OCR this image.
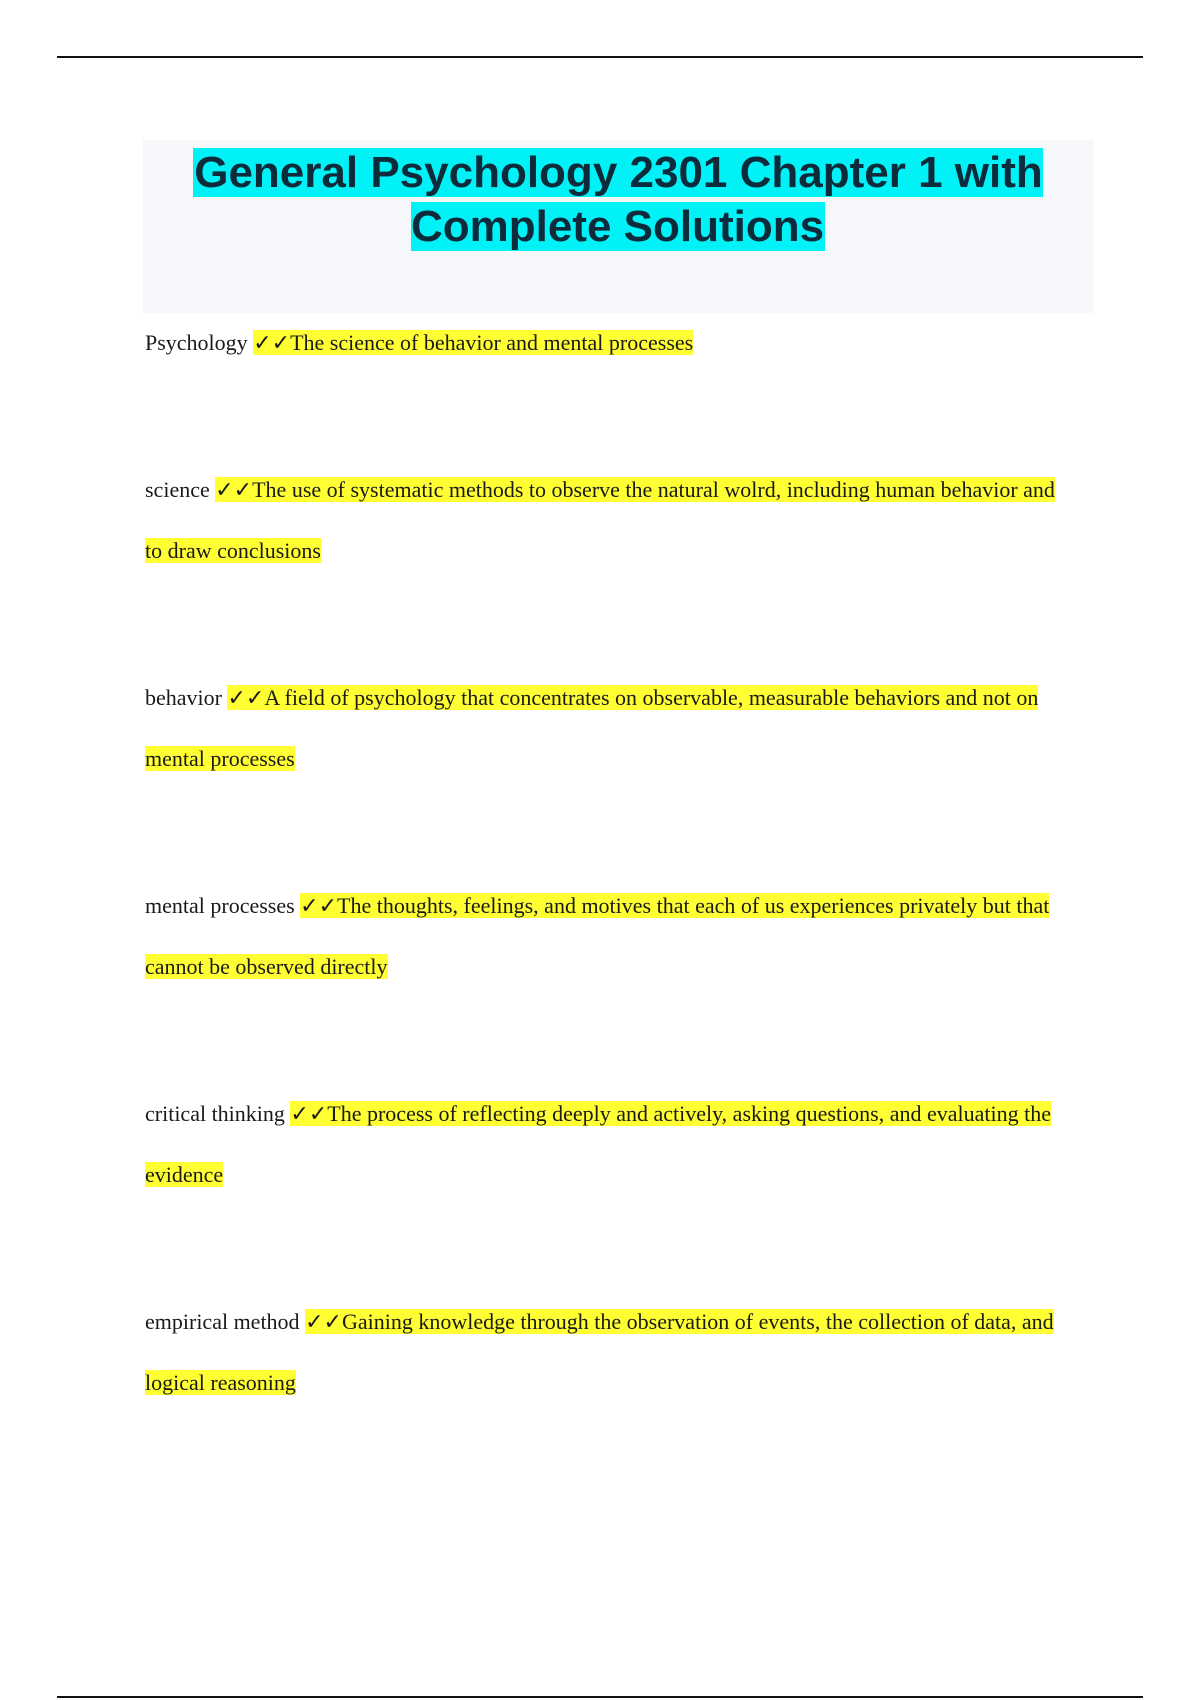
General Psychology 2301 Chapter 1 with Complete Solutions

Psychology ✓✓The science of behavior and mental processes

science ✓✓The use of systematic methods to observe the natural wolrd, including human behavior and to draw conclusions

behavior ✓✓A field of psychology that concentrates on observable, measurable behaviors and not on mental processes

mental processes ✓✓The thoughts, feelings, and motives that each of us experiences privately but that cannot be observed directly

critical thinking ✓✓The process of reflecting deeply and actively, asking questions, and evaluating the evidence

empirical method ✓✓Gaining knowledge through the observation of events, the collection of data, and logical reasoning
